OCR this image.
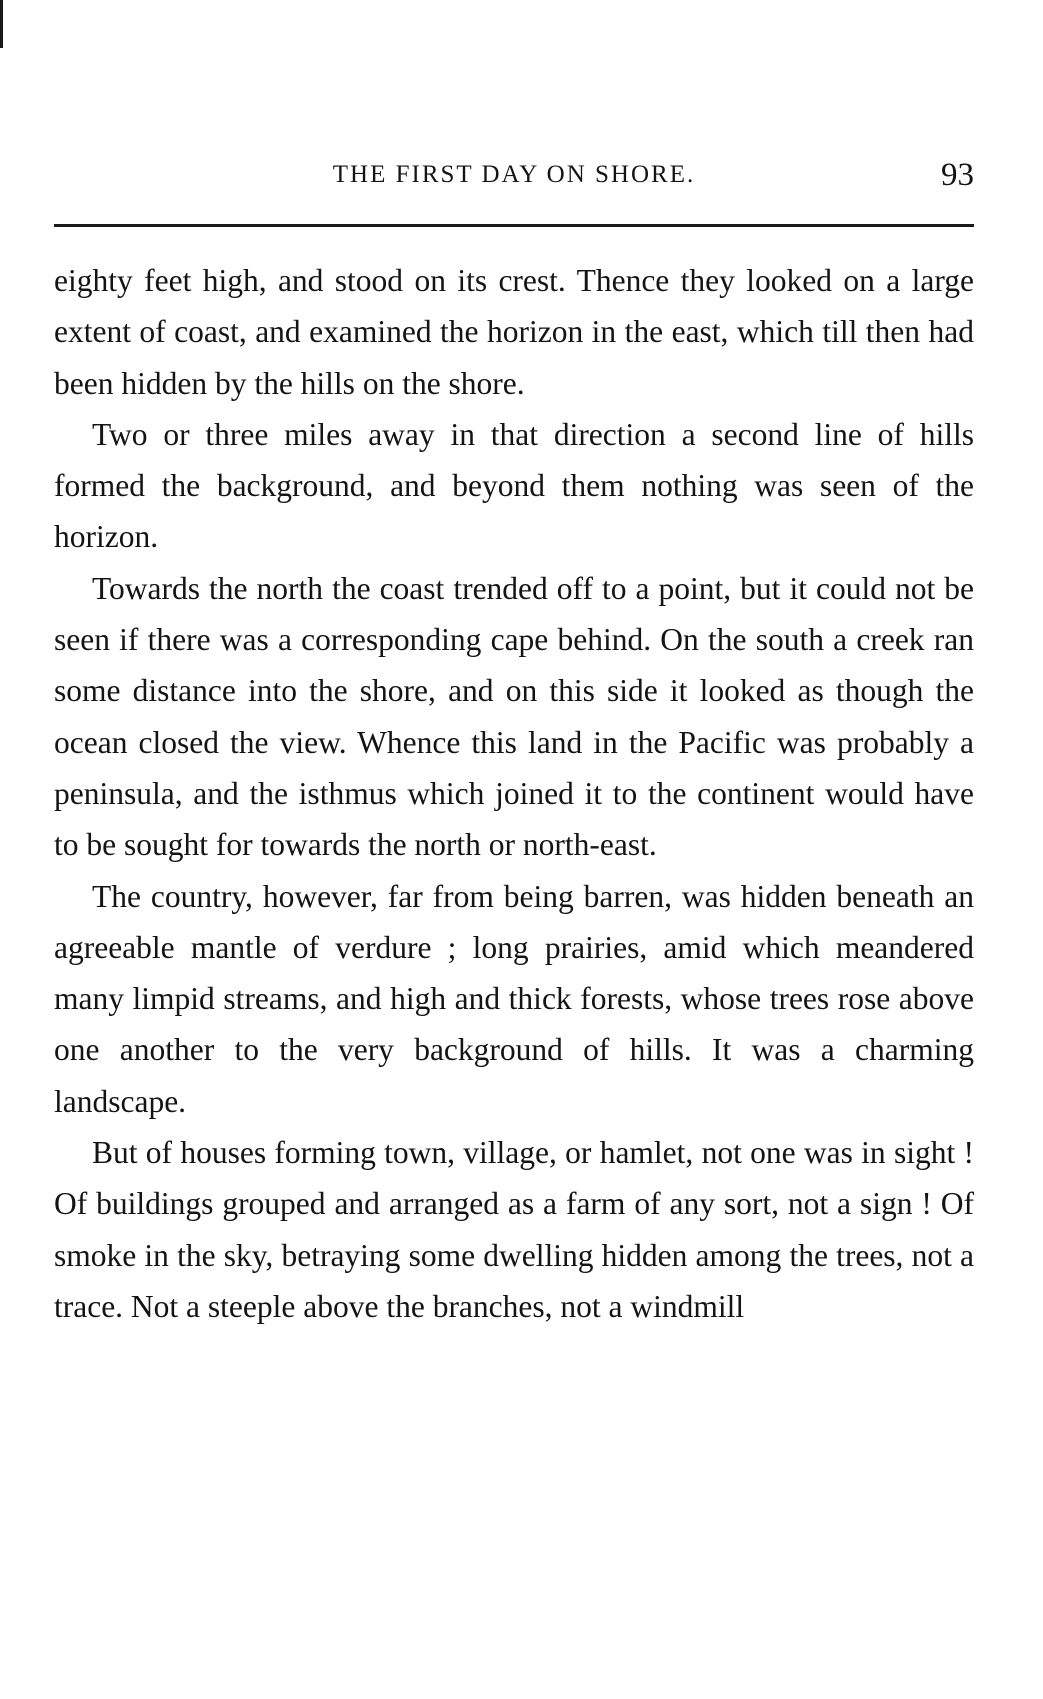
THE FIRST DAY ON SHORE.	93

eighty feet high, and stood on its crest. Thence they looked on a large extent of coast, and examined the horizon in the east, which till then had been hidden by the hills on the shore.

Two or three miles away in that direction a second line of hills formed the background, and beyond them nothing was seen of the horizon.

Towards the north the coast trended off to a point, but it could not be seen if there was a corresponding cape behind. On the south a creek ran some distance into the shore, and on this side it looked as though the ocean closed the view. Whence this land in the Pacific was probably a peninsula, and the isthmus which joined it to the continent would have to be sought for towards the north or north-east.

The country, however, far from being barren, was hidden beneath an agreeable mantle of verdure ; long prairies, amid which meandered many limpid streams, and high and thick forests, whose trees rose above one another to the very background of hills. It was a charming landscape.

But of houses forming town, village, or hamlet, not one was in sight ! Of buildings grouped and arranged as a farm of any sort, not a sign ! Of smoke in the sky, betraying some dwelling hidden among the trees, not a trace. Not a steeple above the branches, not a windmill
